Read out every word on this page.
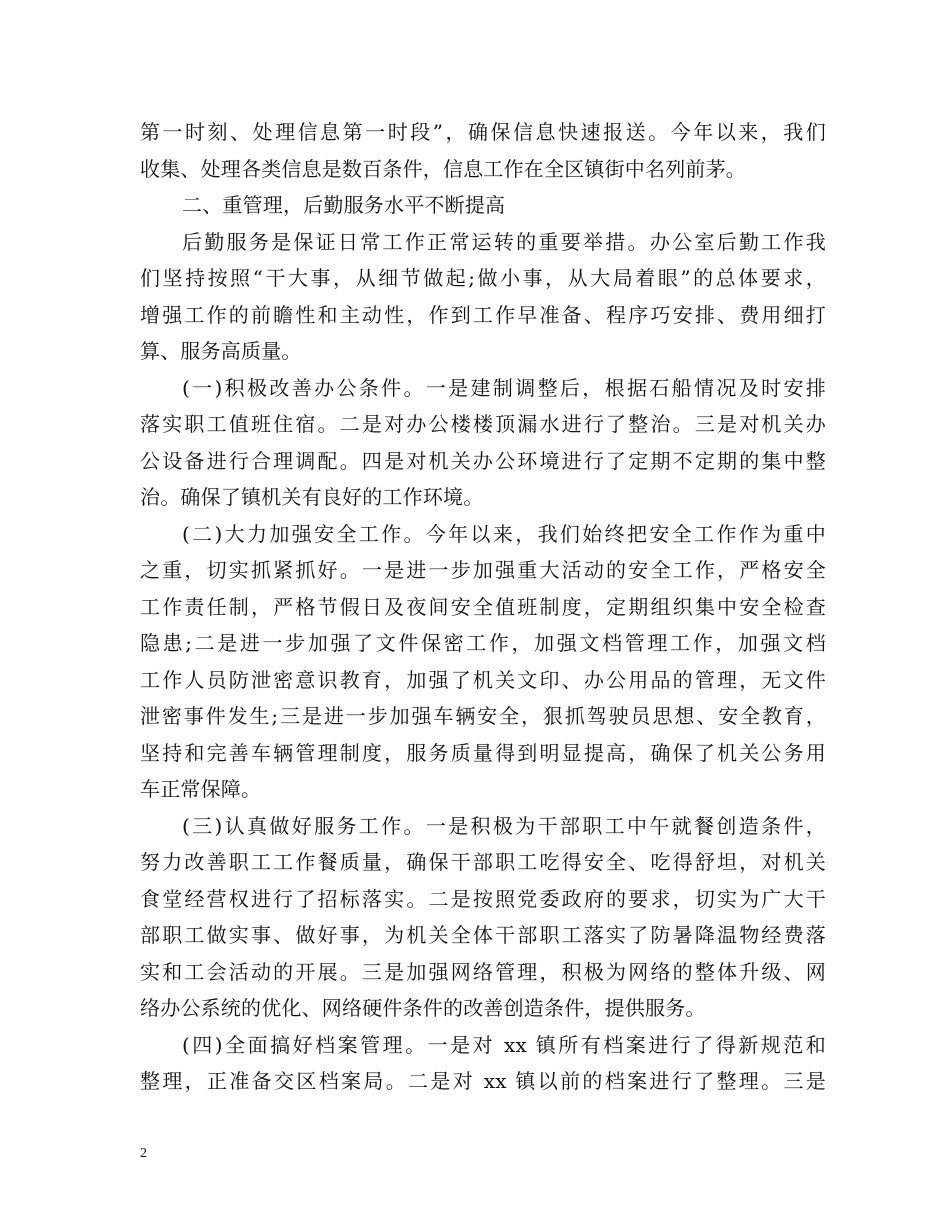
第一时刻、处理信息第一时段”，确保信息快速报送。今年以来，我们
收集、处理各类信息是数百条件，信息工作在全区镇街中名列前茅。
二、重管理，后勤服务水平不断提高
后勤服务是保证日常工作正常运转的重要举措。办公室后勤工作我
们坚持按照“干大事，从细节做起;做小事，从大局着眼”的总体要求，
增强工作的前瞻性和主动性，作到工作早准备、程序巧安排、费用细打
算、服务高质量。
(一)积极改善办公条件。一是建制调整后，根据石船情况及时安排
落实职工值班住宿。二是对办公楼楼顶漏水进行了整治。三是对机关办
公设备进行合理调配。四是对机关办公环境进行了定期不定期的集中整
治。确保了镇机关有良好的工作环境。
(二)大力加强安全工作。今年以来，我们始终把安全工作作为重中
之重，切实抓紧抓好。一是进一步加强重大活动的安全工作，严格安全
工作责任制，严格节假日及夜间安全值班制度，定期组织集中安全检查
隐患;二是进一步加强了文件保密工作，加强文档管理工作，加强文档
工作人员防泄密意识教育，加强了机关文印、办公用品的管理，无文件
泄密事件发生;三是进一步加强车辆安全，狠抓驾驶员思想、安全教育，
坚持和完善车辆管理制度，服务质量得到明显提高，确保了机关公务用
车正常保障。
(三)认真做好服务工作。一是积极为干部职工中午就餐创造条件，
努力改善职工工作餐质量，确保干部职工吃得安全、吃得舒坦，对机关
食堂经营权进行了招标落实。二是按照党委政府的要求，切实为广大干
部职工做实事、做好事，为机关全体干部职工落实了防暑降温物经费落
实和工会活动的开展。三是加强网络管理，积极为网络的整体升级、网
络办公系统的优化、网络硬件条件的改善创造条件，提供服务。
(四)全面搞好档案管理。一是对 xx 镇所有档案进行了得新规范和
整理，正准备交区档案局。二是对 xx 镇以前的档案进行了整理。三是
2
